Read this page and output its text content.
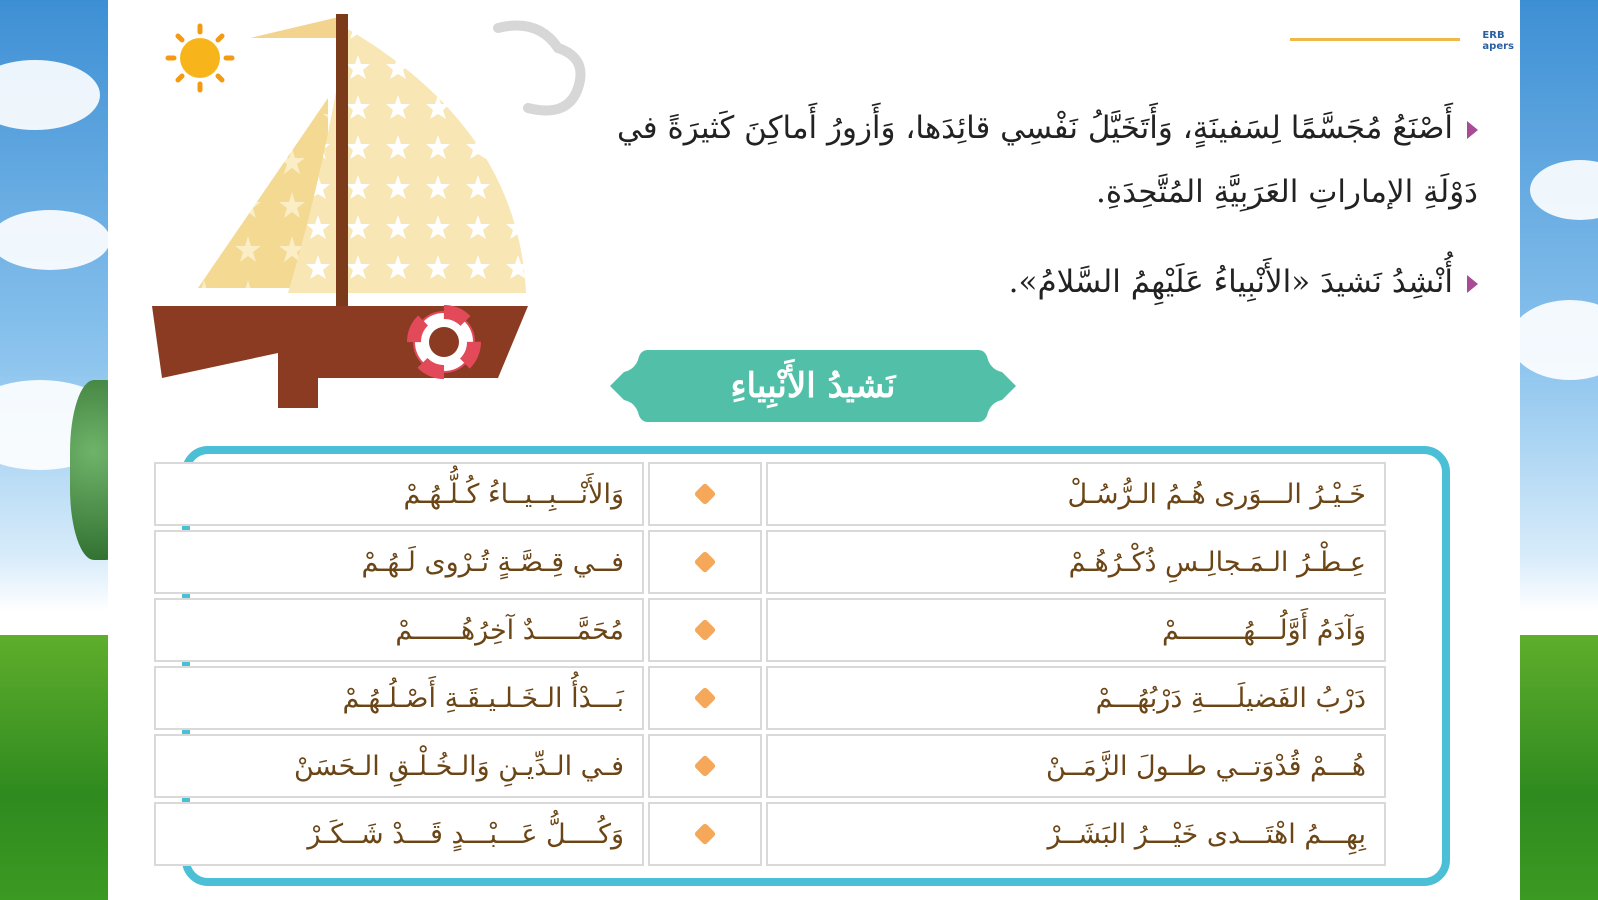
ERB
apers
أَصْنَعُ مُجَسَّمًا لِسَفينَةٍ، وَأَتَخَيَّلُ نَفْسِي قائِدَها، وَأَزورُ أَماكِنَ كَثيرَةً في دَوْلَةِ الإماراتِ العَرَبِيَّةِ المُتَّحِدَةِ.
أُنْشِدُ نَشيدَ «الأَنْبِياءُ عَلَيْهِمُ السَّلامُ».
نَشيدُ الأَنْبِياءِ
خَـيْـرُ الـــوَرى هُـمُ الـرُّسُـلْ
وَالأَنْـــبِــيــاءُ كُـلُّـهُـمْ
عِـطْـرُ الـمَـجالِـسِ ذُكْـرُهُـمْ
فــي قِـصَّـةٍ تُـرْوى لَـهُـمْ
وَآدَمُ أَوَّلُـــهُــــــــمْ
مُحَمَّـــــدٌ آخِرُهُــــــمْ
دَرْبُ الفَضيلَــــةِ دَرْبُهُـــمْ
بَـــدْأُ الـخَـلـيـقَـةِ أَصْـلُـهُـمْ
هُـــمْ قُدْوَتــي طــولَ الزَّمَــنْ
فـي الـدِّيـنِ وَالـخُـلْـقِ الـحَسَنْ
بِهِـــمُ اهْتَـــدى خَيْـــرُ البَشَــرْ
وَكُــــلُّ عَـــبْـــدٍ قَـــدْ شَــكَـرْ
